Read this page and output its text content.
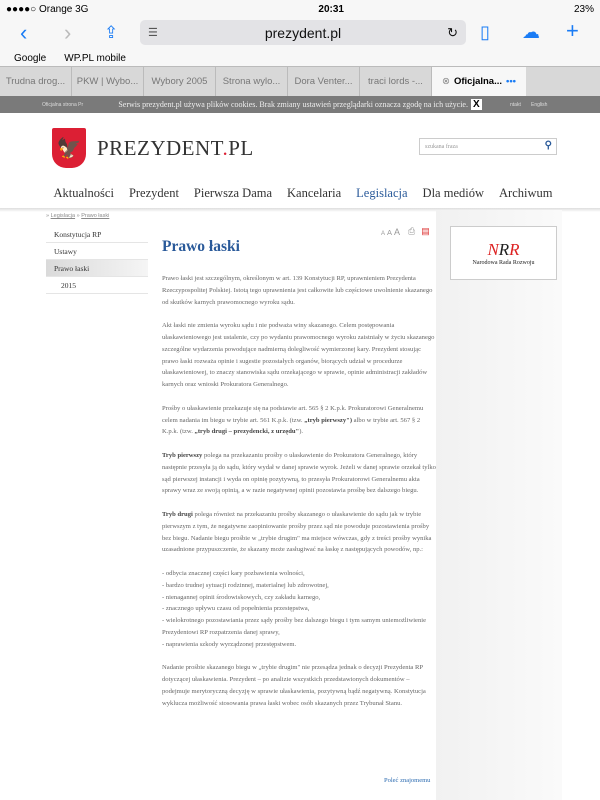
●●●●○ Orange 3G	20:31	23%
‹ › ⇪	☰	prezydent.pl	↻ ▯ ☁ +
Google WP.PL mobile
Trudna drog...	PKW | Wybo...	Wybory 2005	Strona wylo...	Dora Venter...	traci lords -...	⊗ Oficjalna... •••
Oficjalna strona Pr	ntakt English
Serwis prezydent.pl używa plików cookies. Brak zmiany ustawień przeglądarki oznacza zgodę na ich użycie. X
🦅 PREZYDENT.PL	szukana fraza	⚲
Aktualności Prezydent Pierwsza Dama Kancelaria Legislacja Dla mediów Archiwum
» Legislacja » Prawo łaski
Konstytucja RP
Ustawy
Prawo łaski
2015
A A A ⎙ ▤
Prawo łaski

Prawo łaski jest szczególnym, określonym w art. 139 Konstytucji RP, uprawnieniem Prezydenta Rzeczypospolitej Polskiej. Istotą tego uprawnienia jest całkowite lub częściowe uwolnienie skazanego od skutków karnych prawomocnego wyroku sądu.

Akt łaski nie zmienia wyroku sądu i nie podważa winy skazanego. Celem postępowania ułaskawieniowego jest ustalenie, czy po wydaniu prawomocnego wyroku zaistniały w życiu skazanego szczególne wydarzenia powodujące nadmierną dolegliwość wymierzonej kary. Prezydent stosując prawo łaski rozważa opinie i sugestie pozostałych organów, biorących udział w procedurze ułaskawieniowej, to znaczy stanowiska sądu orzekającego w sprawie, opinie administracji zakładów karnych oraz wnioski Prokuratora Generalnego.

Prośby o ułaskawienie przekazuje się na podstawie art. 565 § 2 K.p.k. Prokuratorowi Generalnemu celem nadania im biegu w trybie art. 561 K.p.k. (tzw. „tryb pierwszy") albo w trybie art. 567 § 2 K.p.k. (tzw. „tryb drugi – prezydencki, z urzędu").

Tryb pierwszy polega na przekazaniu prośby o ułaskawienie do Prokuratora Generalnego, który następnie przesyła ją do sądu, który wydał w danej sprawie wyrok. Jeżeli w danej sprawie orzekał tylko sąd pierwszej instancji i wyda on opinię pozytywną, to przesyła Prokuratorowi Generalnemu akta sprawy wraz ze swoją opinią, a w razie negatywnej opinii pozostawia prośbę bez dalszego biegu.

Tryb drugi polega również na przekazaniu prośby skazanego o ułaskawienie do sądu jak w trybie pierwszym z tym, że negatywne zaopiniowanie prośby przez sąd nie powoduje pozostawienia prośby bez biegu. Nadanie biegu prośbie w „trybie drugim" ma miejsce wówczas, gdy z treści prośby wynika uzasadnione przypuszczenie, że skazany może zasługiwać na łaskę z następujących powodów, np.:

- odbycia znacznej części kary pozbawienia wolności,
- bardzo trudnej sytuacji rodzinnej, materialnej lub zdrowotnej,
- nienagannej opinii środowiskowych, czy zakładu karnego,
- znacznego upływu czasu od popełnienia przestępstwa,
- wielokrotnego pozostawiania przez sądy prośby bez dalszego biegu i tym samym uniemożliwienie Prezydentowi RP rozpatrzenia danej sprawy,
- naprawienia szkody wyrządzonej przestępstwem.

Nadanie prośbie skazanego biegu w „trybie drugim" nie przesądza jednak o decyzji Prezydenta RP dotyczącej ułaskawienia. Prezydent – po analizie wszystkich przedstawionych dokumentów – podejmuje merytoryczną decyzję w sprawie ułaskawienia, pozytywną bądź negatywną. Konstytucja wyklucza możliwość stosowania prawa łaski wobec osób skazanych przez Trybunał Stanu.

Poleć znajomemu
NRR
Narodowa Rada Rozwoju
